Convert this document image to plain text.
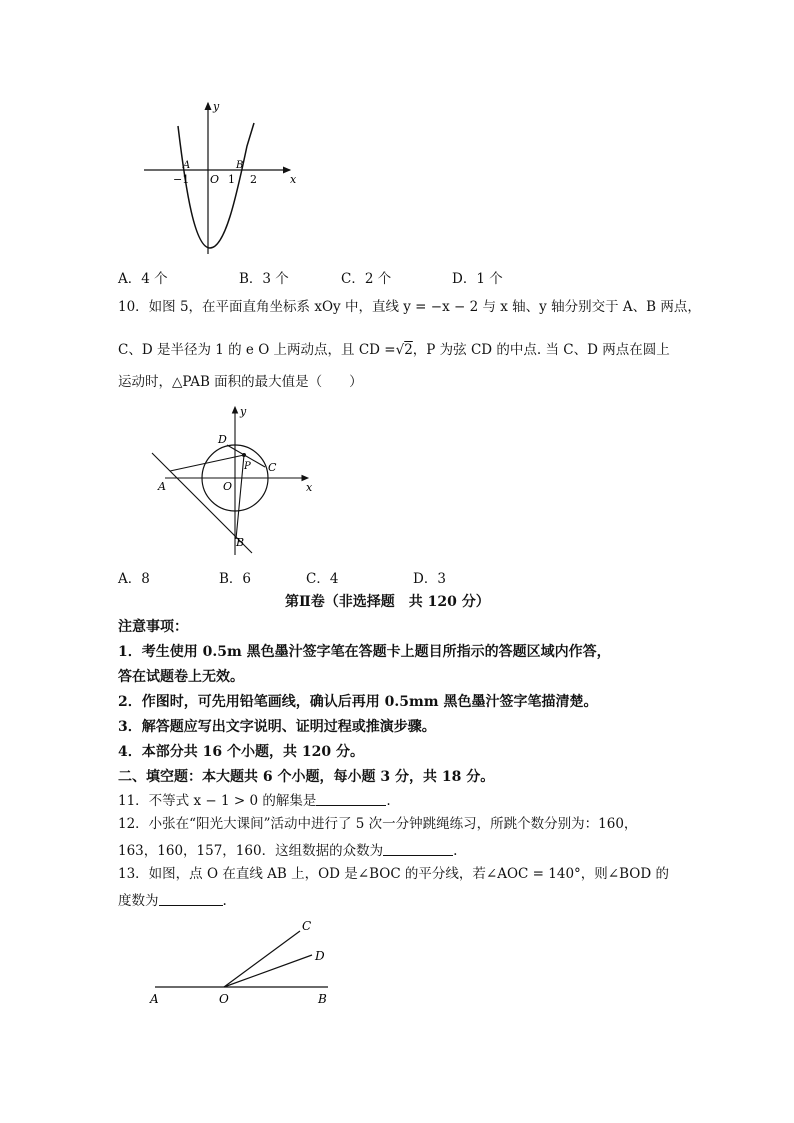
y
x
O
A	B
−1	1 2
A．4 个	B．3 个	C．2 个	D．1 个
10．如图 5，在平面直角坐标系 xOy 中，直线 y = −x − 2 与 x 轴、y 轴分别交于 A、B 两点，
C、D 是半径为 1 的 e O 上两动点，且 CD =√2，P 为弦 CD 的中点. 当 C、D 两点在圆上
运动时，△PAB 面积的最大值是（　　）
y
x
O
A
B
C
D
P
A．8	B．6	C．4	D．3
第Ⅱ卷（非选择题　共 120 分）
注意事项：
1．考生使用 0.5m 黑色墨汁签字笔在答题卡上题目所指示的答题区域内作答，
答在试题卷上无效。
2．作图时，可先用铅笔画线，确认后再用 0.5mm 黑色墨汁签字笔描清楚。
3．解答题应写出文字说明、证明过程或推演步骤。
4．本部分共 16 个小题，共 120 分。
二、填空题：本大题共 6 个小题，每小题 3 分，共 18 分。
11．不等式 x − 1 > 0 的解集是	.
12．小张在“阳光大课间”活动中进行了 5 次一分钟跳绳练习，所跳个数分别为：160，
163，160，157，160．这组数据的众数为	.
13．如图，点 O 在直线 AB 上，OD 是∠BOC 的平分线，若∠AOC = 140°，则∠BOD 的
度数为	.
A	O	B
C
D
